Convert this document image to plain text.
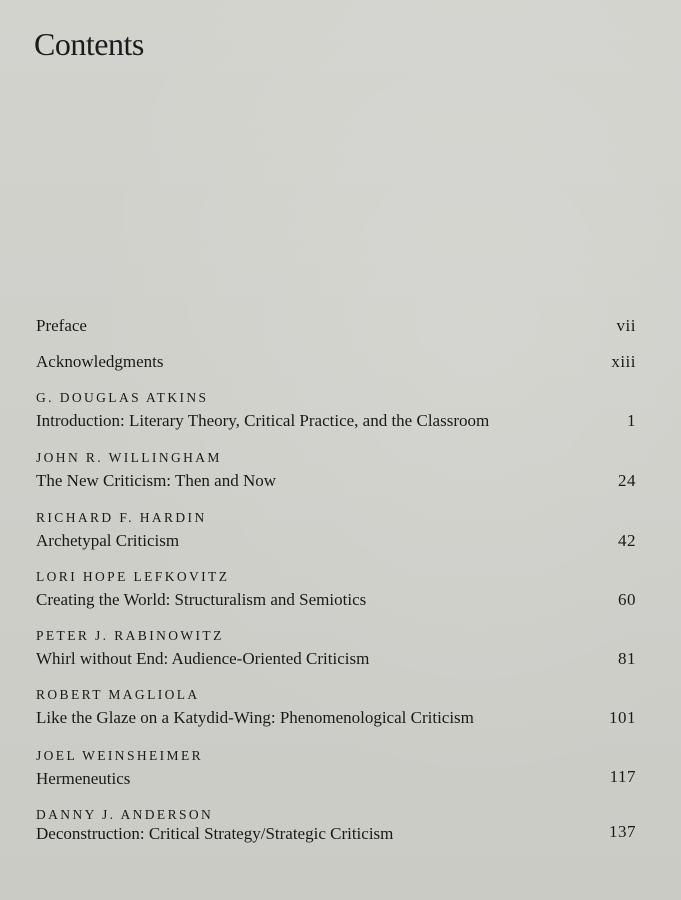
Contents
Preface	vii
Acknowledgments	xiii
G. DOUGLAS ATKINS
Introduction: Literary Theory, Critical Practice, and the Classroom	1
JOHN R. WILLINGHAM
The New Criticism: Then and Now	24
RICHARD F. HARDIN
Archetypal Criticism	42
LORI HOPE LEFKOVITZ
Creating the World: Structuralism and Semiotics	60
PETER J. RABINOWITZ
Whirl without End: Audience-Oriented Criticism	81
ROBERT MAGLIOLA
Like the Glaze on a Katydid-Wing: Phenomenological Criticism	101
JOEL WEINSHEIMER
Hermeneutics	117
DANNY J. ANDERSON
Deconstruction: Critical Strategy/Strategic Criticism	137
